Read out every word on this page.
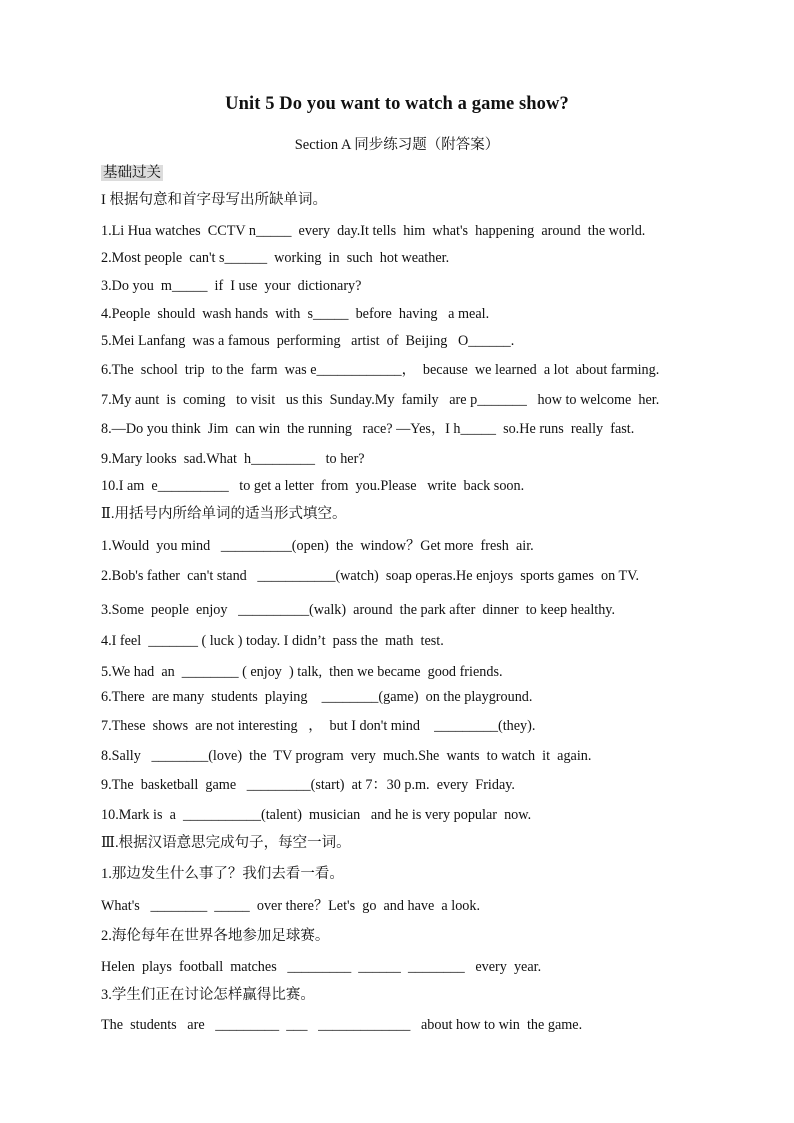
Unit 5 Do you want to watch a game show?
Section A 同步练习题（附答案）
基础过关
I 根据句意和首字母写出所缺单词。
1.Li Hua watches  CCTV n_____  every  day.It tells  him  what's  happening  around  the world.
2.Most people  can't s______  working  in  such  hot weather.
3.Do you  m_____  if  I use  your  dictionary?
4.People  should  wash hands  with  s_____  before  having   a meal.
5.Mei Lanfang  was a famous  performing   artist  of  Beijing   O______.
6.The  school  trip  to the  farm  was e____________，  because  we learned  a lot  about farming.
7.My aunt  is  coming   to visit   us this  Sunday.My  family   are p_______   how to welcome  her.
8.—Do you think  Jim  can win  the running   race? —Yes，I h_____  so.He runs  really  fast.
9.Mary looks  sad.What  h_________   to her?
10.I am  e__________   to get a letter  from  you.Please   write  back soon.
Ⅱ.用括号内所给单词的适当形式填空。
1.Would  you mind   __________(open)  the  window？Get more  fresh  air.
2.Bob's father  can't stand   ___________(watch)  soap operas.He enjoys  sports games  on TV.
3.Some  people  enjoy   __________(walk)  around  the park after  dinner  to keep healthy.
4.I feel  _______ ( luck ) today. I didn’t  pass the  math  test.
5.We had  an  ________ ( enjoy  ) talk,  then we became  good friends.
6.There  are many  students  playing    ________(game)  on the playground.
7.These  shows  are not interesting   ，  but I don't mind    _________(they).
8.Sally   ________(love)  the  TV program  very  much.She  wants  to watch  it  again.
9.The  basketball  game   _________(start)  at 7：30 p.m.  every  Friday.
10.Mark is  a  ___________(talent)  musician   and he is very popular  now.
Ⅲ.根据汉语意思完成句子，每空一词。
1.那边发生什么事了？我们去看一看。
What's   ________  _____  over there？Let's  go  and have  a look.
2.海伦每年在世界各地参加足球赛。
Helen  plays  football  matches   _________  ______  ________   every  year.
3.学生们正在讨论怎样赢得比赛。
The  students   are   _________  ___   _____________   about how to win  the game.
